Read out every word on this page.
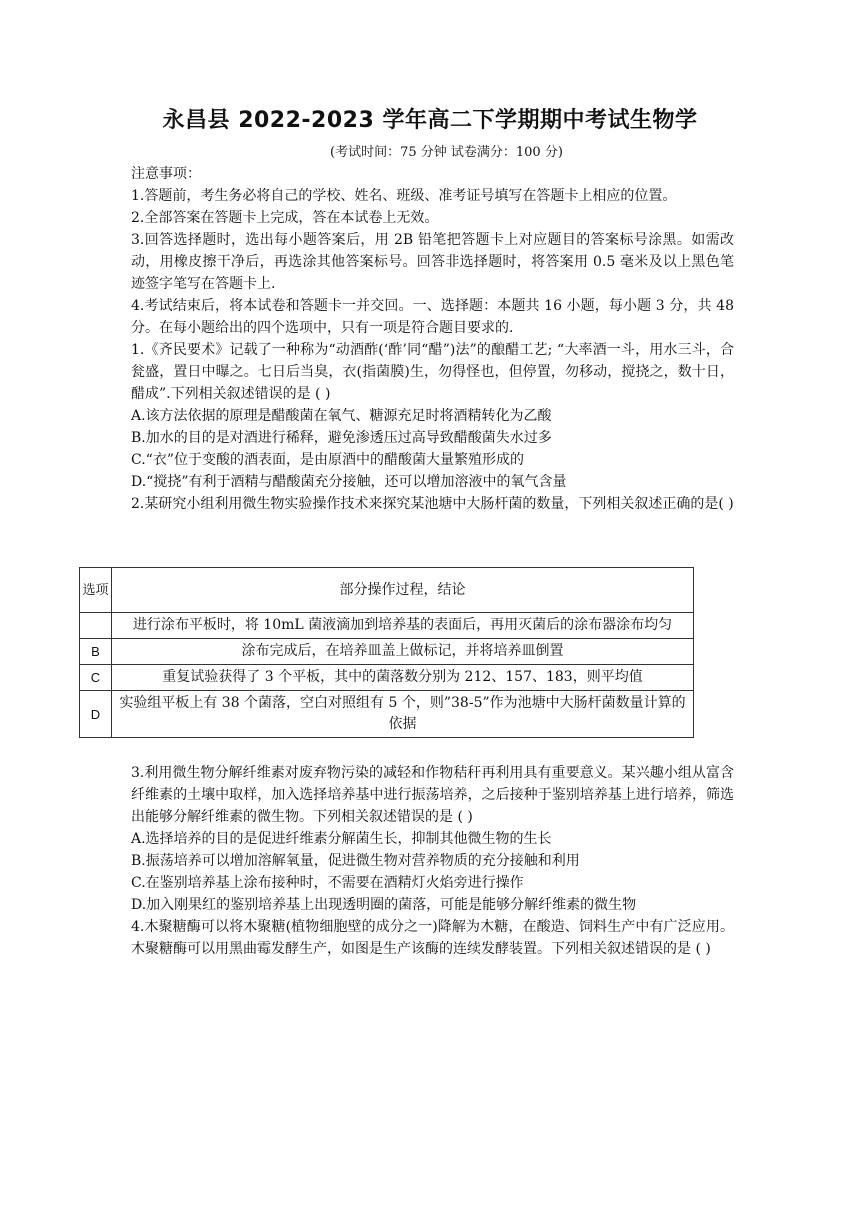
永昌县 2022-2023 学年高二下学期期中考试生物学

(考试时间：75 分钟 试卷满分：100 分)

注意事项：

1.答题前，考生务必将自己的学校、姓名、班级、准考证号填写在答题卡上相应的位置。

2.全部答案在答题卡上完成，答在本试卷上无效。

3.回答选择题时，选出每小题答案后，用 2B 铅笔把答题卡上对应题目的答案标号涂黑。如需改动，用橡皮擦干净后，再选涂其他答案标号。回答非选择题时，将答案用 0.5 毫米及以上黑色笔迹签字笔写在答题卡上.

4.考试结束后，将本试卷和答题卡一并交回。一、选择题：本题共 16 小题，每小题 3 分，共 48 分。在每小题给出的四个选项中，只有一项是符合题目要求的.

1.《齐民要术》记载了一种称为“动酒酢(‘酢’同“醋”)法”的酿醋工艺; “大率酒一斗，用水三斗，合瓮盛，置日中曝之。七日后当臭，衣(指菌膜)生，勿得怪也，但停置，勿移动，搅挠之，数十日，醋成”.下列相关叙述错误的是 ( )

A.该方法依据的原理是醋酸菌在氧气、糖源充足时将酒精转化为乙酸

B.加水的目的是对酒进行稀释，避免渗透压过高导致醋酸菌失水过多

C.“衣”位于变酸的酒表面，是由原酒中的醋酸菌大量繁殖形成的

D.“搅挠”有利于酒精与醋酸菌充分接触，还可以增加溶液中的氧气含量

2.某研究小组利用微生物实验操作技术来探究某池塘中大肠杆菌的数量，下列相关叙述正确的是( )

选项	部分操作过程，结论
	进行涂布平板时，将 10mL 菌液滴加到培养基的表面后，再用灭菌后的涂布器涂布均匀
B	涂布完成后，在培养皿盖上做标记，并将培养皿倒置
C	重复试验获得了 3 个平板，其中的菌落数分别为 212、157、183，则平均值
D	实验组平板上有 38 个菌落，空白对照组有 5 个，则”38-5”作为池塘中大肠杆菌数量计算的依据

3.利用微生物分解纤维素对废弃物污染的减轻和作物秸秆再利用具有重要意义。某兴趣小组从富含纤维素的土壤中取样，加入选择培养基中进行振荡培养，之后接种于鉴别培养基上进行培养，筛选出能够分解纤维素的微生物。下列相关叙述错误的是 ( )

A.选择培养的目的是促进纤维素分解菌生长，抑制其他微生物的生长

B.振荡培养可以增加溶解氧量，促进微生物对营养物质的充分接触和利用

C.在鉴别培养基上涂布接种时，不需要在酒精灯火焰旁进行操作

D.加入刚果红的鉴别培养基上出现透明圈的菌落，可能是能够分解纤维素的微生物

4.木聚糖酶可以将木聚糖(植物细胞壁的成分之一)降解为木糖，在酸造、饲料生产中有广泛应用。木聚糖酶可以用黑曲霉发酵生产，如图是生产该酶的连续发酵装置。下列相关叙述错误的是 ( )
